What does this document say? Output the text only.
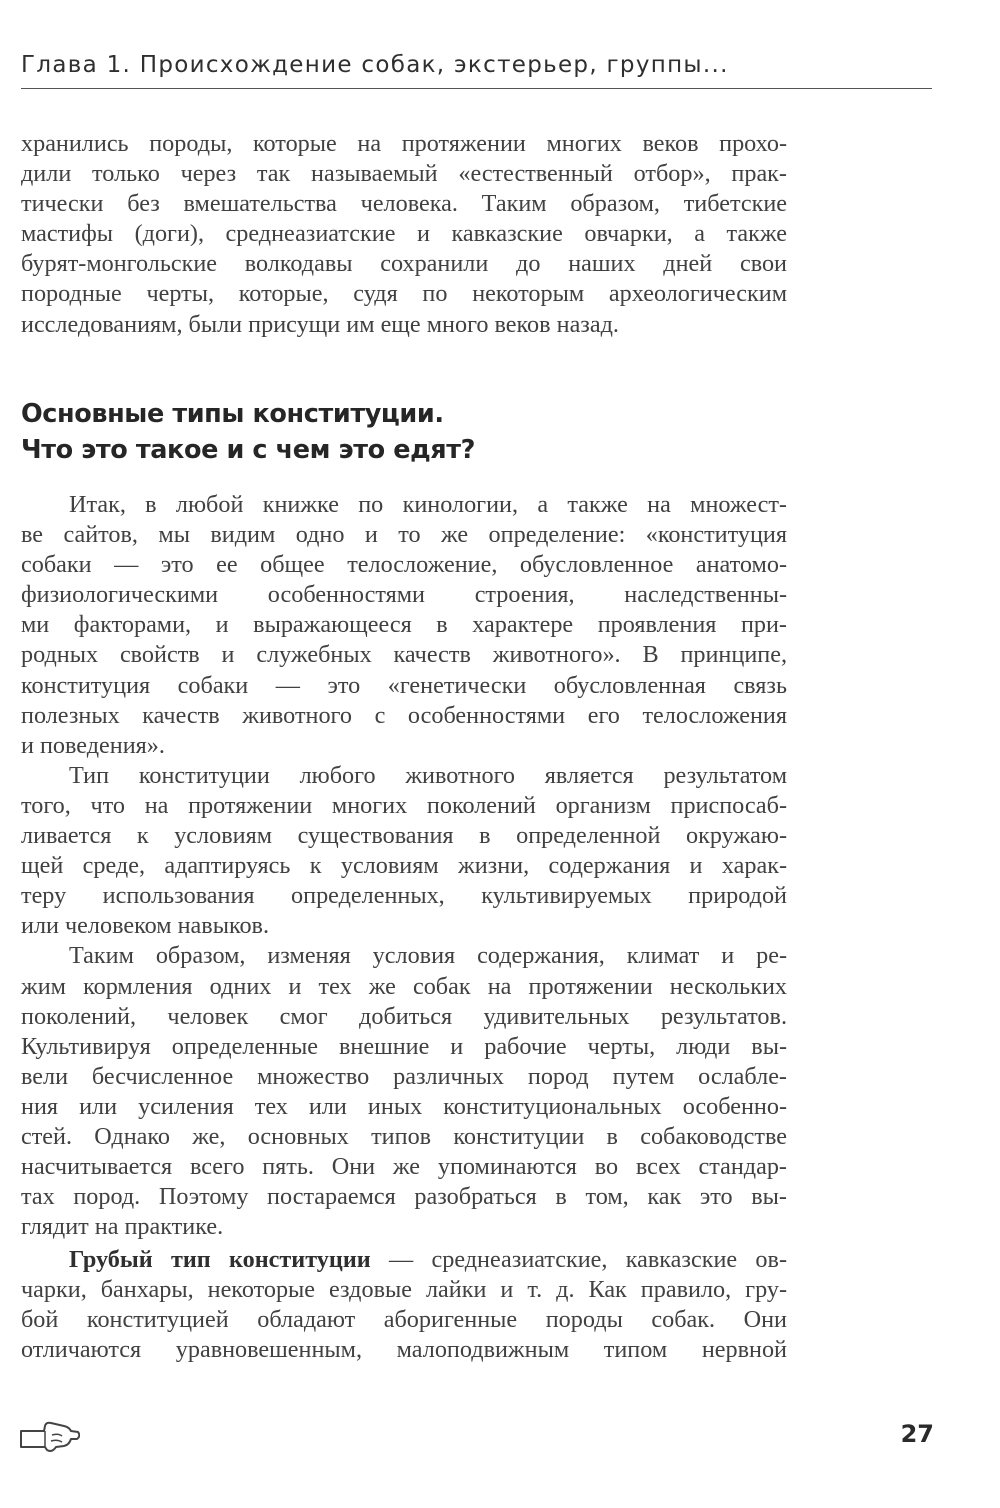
Глава 1. Происхождение собак, экстерьер, группы...
хранились породы, которые на протяжении многих веков прохо-
дили только через так называемый «естественный отбор», прак-
тически без вмешательства человека. Таким образом, тибетские
мастифы (доги), среднеазиатские и кавказские овчарки, а также
бурят-монгольские волкодавы сохранили до наших дней свои
породные черты, которые, судя по некоторым археологическим
исследованиям, были присущи им еще много веков назад.
Основные типы конституции.
Что это такое и с чем это едят?
Итак, в любой книжке по кинологии, а также на множест-
ве сайтов, мы видим одно и то же определение: «конституция
собаки — это ее общее телосложение, обусловленное анатомо-
физиологическими особенностями строения, наследственны-
ми факторами, и выражающееся в характере проявления при-
родных свойств и служебных качеств животного». В принципе,
конституция собаки — это «генетически обусловленная связь
полезных качеств животного с особенностями его телосложения
и поведения».
Тип конституции любого животного является результатом
того, что на протяжении многих поколений организм приспосаб-
ливается к условиям существования в определенной окружаю-
щей среде, адаптируясь к условиям жизни, содержания и харак-
теру использования определенных, культивируемых природой
или человеком навыков.
Таким образом, изменяя условия содержания, климат и ре-
жим кормления одних и тех же собак на протяжении нескольких
поколений, человек смог добиться удивительных результатов.
Культивируя определенные внешние и рабочие черты, люди вы-
вели бесчисленное множество различных пород путем ослабле-
ния или усиления тех или иных конституциональных особенно-
стей. Однако же, основных типов конституции в собаководстве
насчитывается всего пять. Они же упоминаются во всех стандар-
тах пород. Поэтому постараемся разобраться в том, как это вы-
глядит на практике.
Грубый тип конституции — среднеазиатские, кавказские ов-
чарки, банхары, некоторые ездовые лайки и т. д. Как правило, гру-
бой конституцией обладают аборигенные породы собак. Они
отличаются уравновешенным, малоподвижным типом нервной
27
